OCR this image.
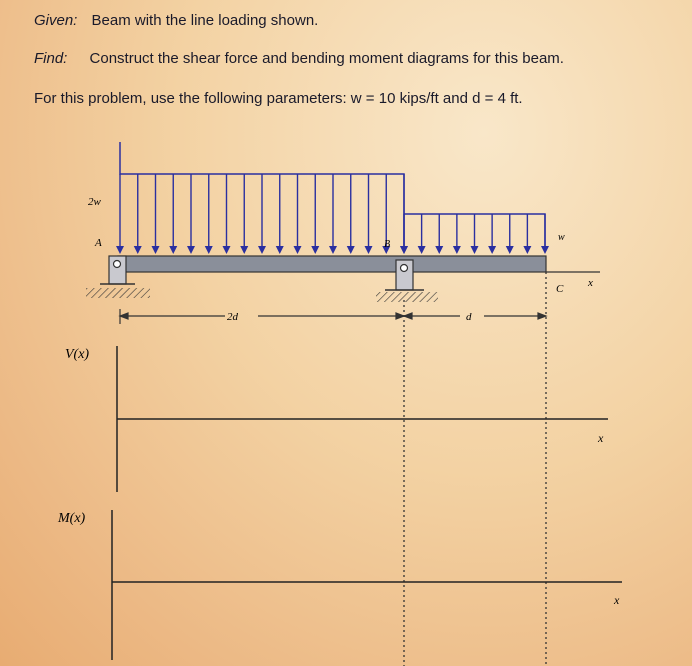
Given: Beam with the line loading shown.
Find: Construct the shear force and bending moment diagrams for this beam.
For this problem, use the following parameters: w = 10 kips/ft and d = 4 ft.
2w
w
A	B
C x
2d	d
V(x)
x
M(x)
x
